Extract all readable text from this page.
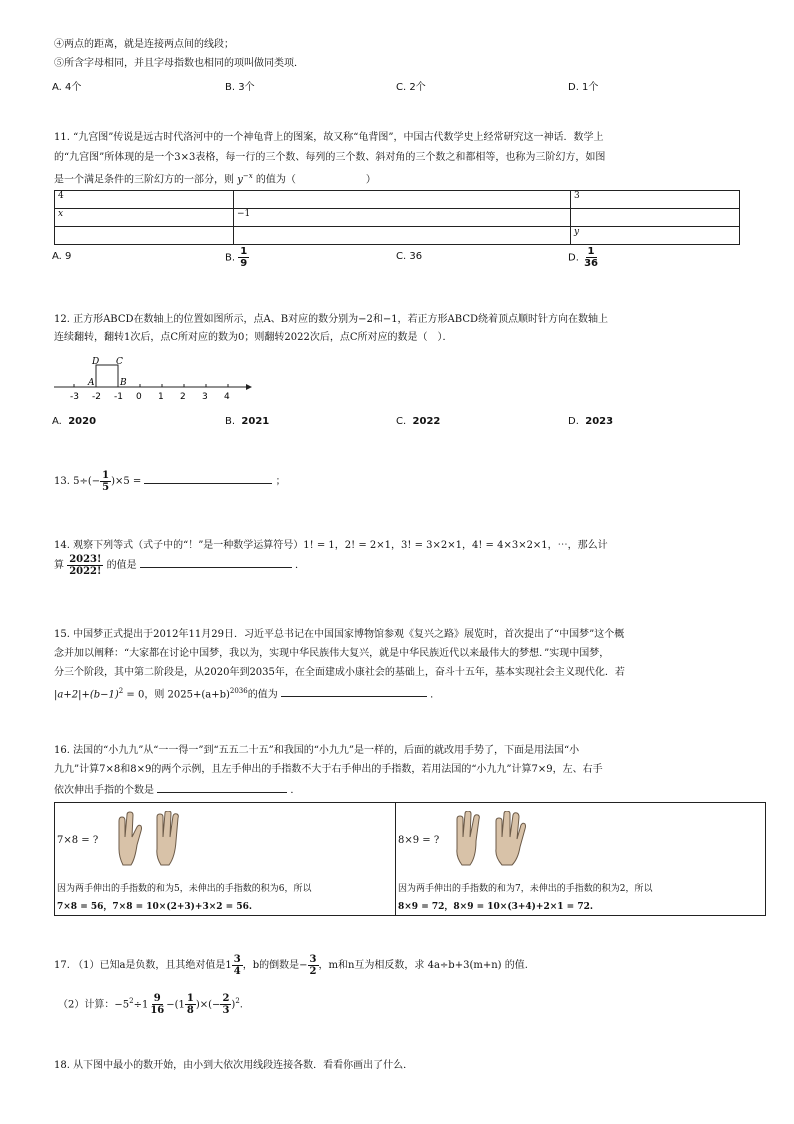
④两点的距离，就是连接两点间的线段；
⑤所含字母相同，并且字母指数也相同的项叫做同类项．
A. 4个	B. 3个	C. 2个	D. 1个
11. “九宫图”传说是远古时代洛河中的一个神龟背上的图案，故又称“龟背图”，中国古代数学史上经常研究这一神话．数学上
的“九宫图”所体现的是一个3×3表格，每一行的三个数、每列的三个数、斜对角的三个数之和都相等，也称为三阶幻方，如图
是一个满足条件的三阶幻方的一部分，则 $y^{-x}$ 的值为（	）
4		3
x	−1	
		y
A. 9	B. $\frac{1}{9}$	C. 36	D. $\frac{1}{36}$
12. 正方形ABCD在数轴上的位置如图所示，点A、B对应的数分别为−2和−1，若正方形ABCD绕着顶点顺时针方向在数轴上
连续翻转，翻转1次后，点C所对应的数为0；则翻转2022次后，点C所对应的数是（　）．
-3 -2 -1 0 1 2 3 4
D C
A	B
A. 2020	B. 2021	C. 2022	D. 2023
13. $5\div(- \frac{1}{5} )\times 5$ =	；
14. 观察下列等式（式子中的“！”是一种数学运算符号）1! = 1，2! = 2×1，3! = 3×2×1，4! = 4×3×2×1，⋯，那么计
算 $\frac{2023!}{2022!}$ 的值是	．
15. 中国梦正式提出于2012年11月29日．习近平总书记在中国国家博物馆参观《复兴之路》展览时，首次提出了“中国梦”这个概
念并加以阐释：“大家都在讨论中国梦，我以为，实现中华民族伟大复兴，就是中华民族近代以来最伟大的梦想．”实现中国梦，
分三个阶段，其中第二阶段是，从2020年到2035年，在全面建成小康社会的基础上，奋斗十五年，基本实现社会主义现代化．若
$|a+2|+(b-1)^2 = 0$，则 $2025+(a+b)^{2036}$的值为	．
16. 法国的“小九九”从“一一得一”到“五五二十五”和我国的“小九九”是一样的，后面的就改用手势了，下面是用法国“小
九九”计算7×8和8×9的两个示例，且左手伸出的手指数不大于右手伸出的手指数，若用法国的“小九九”计算7×9，左、右手
依次伸出手指的个数是	．
7×8 = ?
因为两手伸出的手指数的和为5，未伸出的手指数的积为6，所以
7×8 = 56，7×8 = 10×(2+3)+3×2 = 56.
8×9 = ?
因为两手伸出的手指数的和为7，未伸出的手指数的积为2，所以
8×9 = 72，8×9 = 10×(3+4)+2×1 = 72.
17. （1）已知a是负数，且其绝对值是$1 \frac{3}{4}$ ，b的倒数是− $\frac{3}{2}$ ，m和n互为相反数，求 4a÷b+3(m+n) 的值.
（2）计算：$-5^2\div 1 \frac{9}{16} -(1 \frac{1}{8}$ )×(− $\frac{2}{3} )^2$.
18. 从下图中最小的数开始，由小到大依次用线段连接各数．看看你画出了什么．
